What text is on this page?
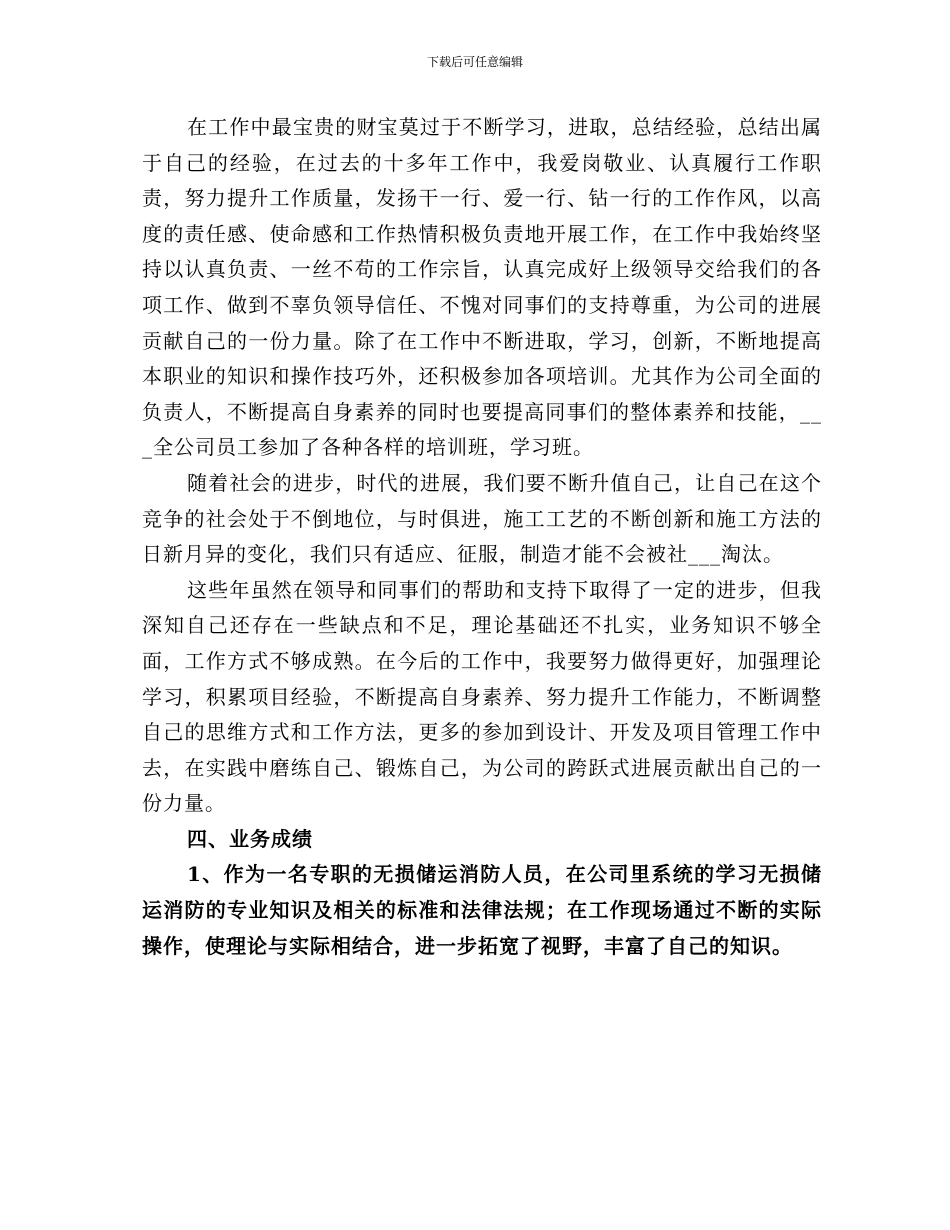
下载后可任意编辑

在工作中最宝贵的财宝莫过于不断学习，进取，总结经验，总结出属于自己的经验，在过去的十多年工作中，我爱岗敬业、认真履行工作职责，努力提升工作质量，发扬干一行、爱一行、钻一行的工作作风，以高度的责任感、使命感和工作热情积极负责地开展工作，在工作中我始终坚持以认真负责、一丝不苟的工作宗旨，认真完成好上级领导交给我们的各项工作、做到不辜负领导信任、不愧对同事们的支持尊重，为公司的进展贡献自己的一份力量。除了在工作中不断进取，学习，创新，不断地提高本职业的知识和操作技巧外，还积极参加各项培训。尤其作为公司全面的负责人，不断提高自身素养的同时也要提高同事们的整体素养和技能，___全公司员工参加了各种各样的培训班，学习班。

随着社会的进步，时代的进展，我们要不断升值自己，让自己在这个竞争的社会处于不倒地位，与时俱进，施工工艺的不断创新和施工方法的日新月异的变化，我们只有适应、征服，制造才能不会被社___淘汰。

这些年虽然在领导和同事们的帮助和支持下取得了一定的进步，但我深知自己还存在一些缺点和不足，理论基础还不扎实，业务知识不够全面，工作方式不够成熟。在今后的工作中，我要努力做得更好，加强理论学习，积累项目经验，不断提高自身素养、努力提升工作能力，不断调整自己的思维方式和工作方法，更多的参加到设计、开发及项目管理工作中去，在实践中磨练自己、锻炼自己，为公司的跨跃式进展贡献出自己的一份力量。

四、业务成绩

1、作为一名专职的无损储运消防人员，在公司里系统的学习无损储运消防的专业知识及相关的标准和法律法规；在工作现场通过不断的实际操作，使理论与实际相结合，进一步拓宽了视野，丰富了自己的知识。
